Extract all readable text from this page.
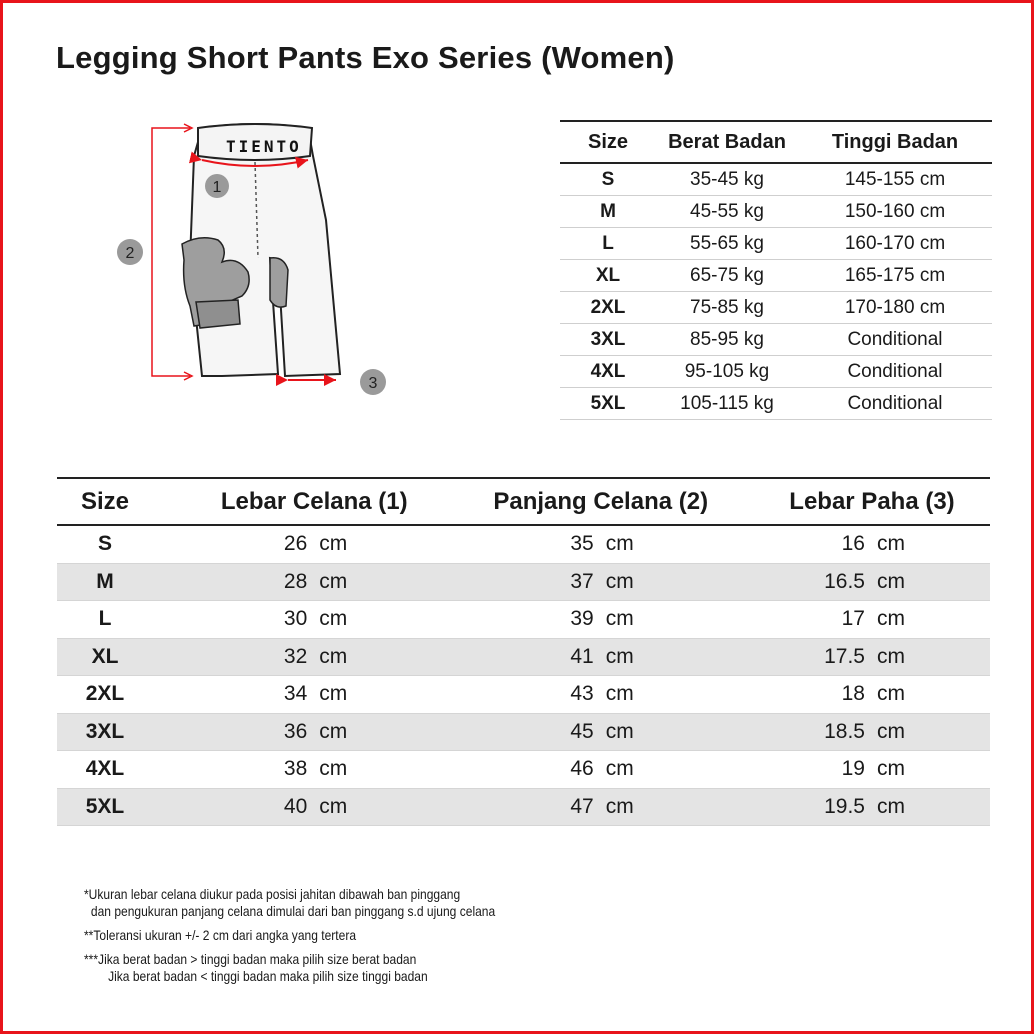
Legging Short Pants Exo Series (Women)
TIENTO
1
2
3
Size	Berat Badan	Tinggi Badan
S	35-45 kg	145-155 cm
M	45-55 kg	150-160 cm
L	55-65 kg	160-170 cm
XL	65-75 kg	165-175 cm
2XL	75-85 kg	170-180 cm
3XL	85-95 kg	Conditional
4XL	95-105 kg	Conditional
5XL	105-115 kg	Conditional
Size	Lebar Celana (1)	Panjang Celana (2)	Lebar Paha (3)
S	26 cm	35 cm	16 cm
M	28 cm	37 cm	16.5 cm
L	30 cm	39 cm	17 cm
XL	32 cm	41 cm	17.5 cm
2XL	34 cm	43 cm	18 cm
3XL	36 cm	45 cm	18.5 cm
4XL	38 cm	46 cm	19 cm
5XL	40 cm	47 cm	19.5 cm

*Ukuran lebar celana diukur pada posisi jahitan dibawah ban pinggang
dan pengukuran panjang celana dimulai dari ban pinggang s.d ujung celana

**Toleransi ukuran +/- 2 cm dari angka yang tertera

***Jika berat badan > tinggi badan maka pilih size berat badan
Jika berat badan < tinggi badan maka pilih size tinggi badan
